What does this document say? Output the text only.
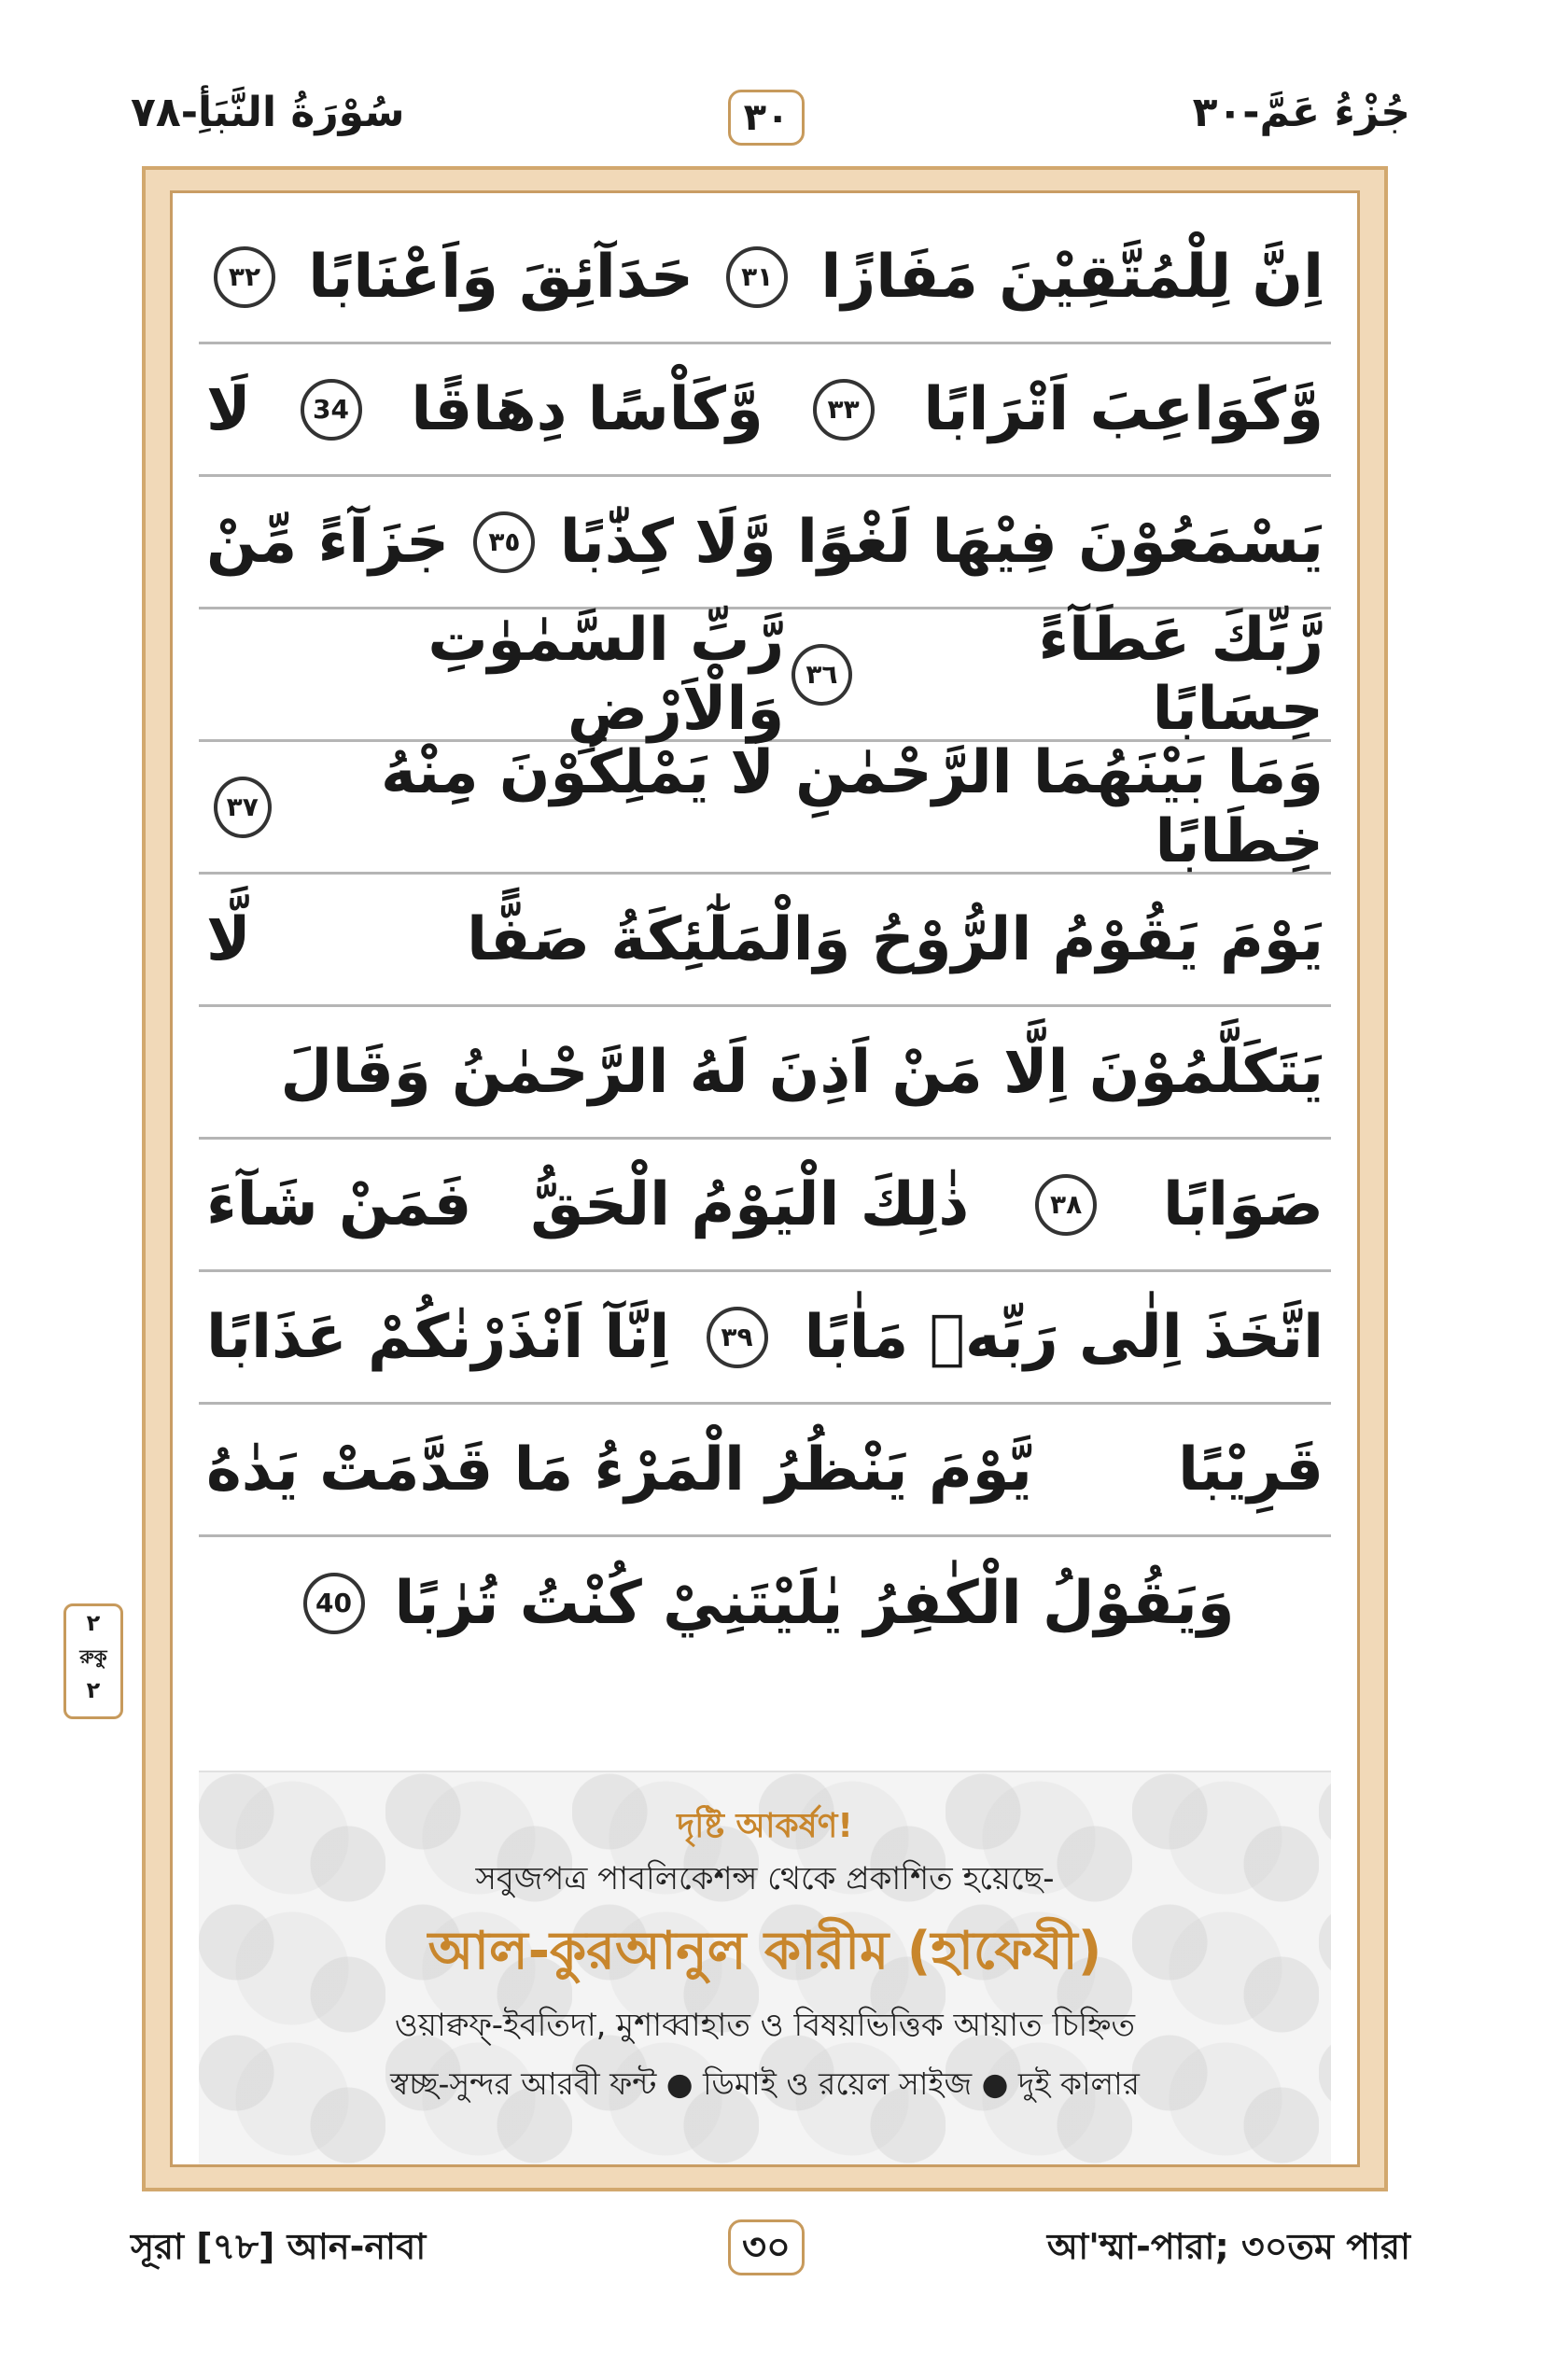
سُوْرَةُ النَّبَأِ-٧٨	٣٠	جُزْءُ عَمَّ-٣٠
اِنَّ لِلْمُتَّقِيْنَ مَفَازًا
٣١
حَدَآئِقَ وَاَعْنَابًا
٣٢
وَّكَوَاعِبَ اَتْرَابًا
٣٣
وَّكَاْسًا دِهَاقًا
34
لَا
يَسْمَعُوْنَ فِيْهَا لَغْوًا وَّلَا كِذّٰبًا
٣٥
جَزَآءً مِّنْ
رَّبِّكَ عَطَآءً حِسَابًا
٣٦
رَّبِّ السَّمٰوٰتِ وَالْاَرْضِ
وَمَا بَيْنَهُمَا الرَّحْمٰنِ لَا يَمْلِكُوْنَ مِنْهُ خِطَابًا
٣٧
يَوْمَ يَقُوْمُ الرُّوْحُ وَالْمَلٰٓئِكَةُ صَفًّا
لَّا
يَتَكَلَّمُوْنَ اِلَّا مَنْ اَذِنَ لَهُ الرَّحْمٰنُ وَقَالَ
صَوَابًا
٣٨
ذٰلِكَ الْيَوْمُ الْحَقُّ
فَمَنْ شَآءَ
اتَّخَذَ اِلٰى رَبِّهٖ مَاٰبًا
٣٩
اِنَّآ اَنْذَرْنٰكُمْ عَذَابًا
قَرِيْبًا
يَّوْمَ يَنْظُرُ الْمَرْءُ مَا قَدَّمَتْ يَدٰهُ
وَيَقُوْلُ الْكٰفِرُ يٰلَيْتَنِيْ كُنْتُ تُرٰبًا
40
দৃষ্টি আকর্ষণ!
সবুজপত্র পাবলিকেশন্স থেকে প্রকাশিত হয়েছে-
আল-কুরআনুল কারীম (হাফেযী)
ওয়াক্বফ্-ইবতিদা, মুশাব্বাহাত ও বিষয়ভিত্তিক আয়াত চিহ্নিত
স্বচ্ছ-সুন্দর আরবী ফন্ট ● ডিমাই ও রয়েল সাইজ ● দুই কালার
٢
রুকু
٢
সূরা [৭৮] আন-নাবা	৩০	আ'ম্মা-পারা; ৩০তম পারা
